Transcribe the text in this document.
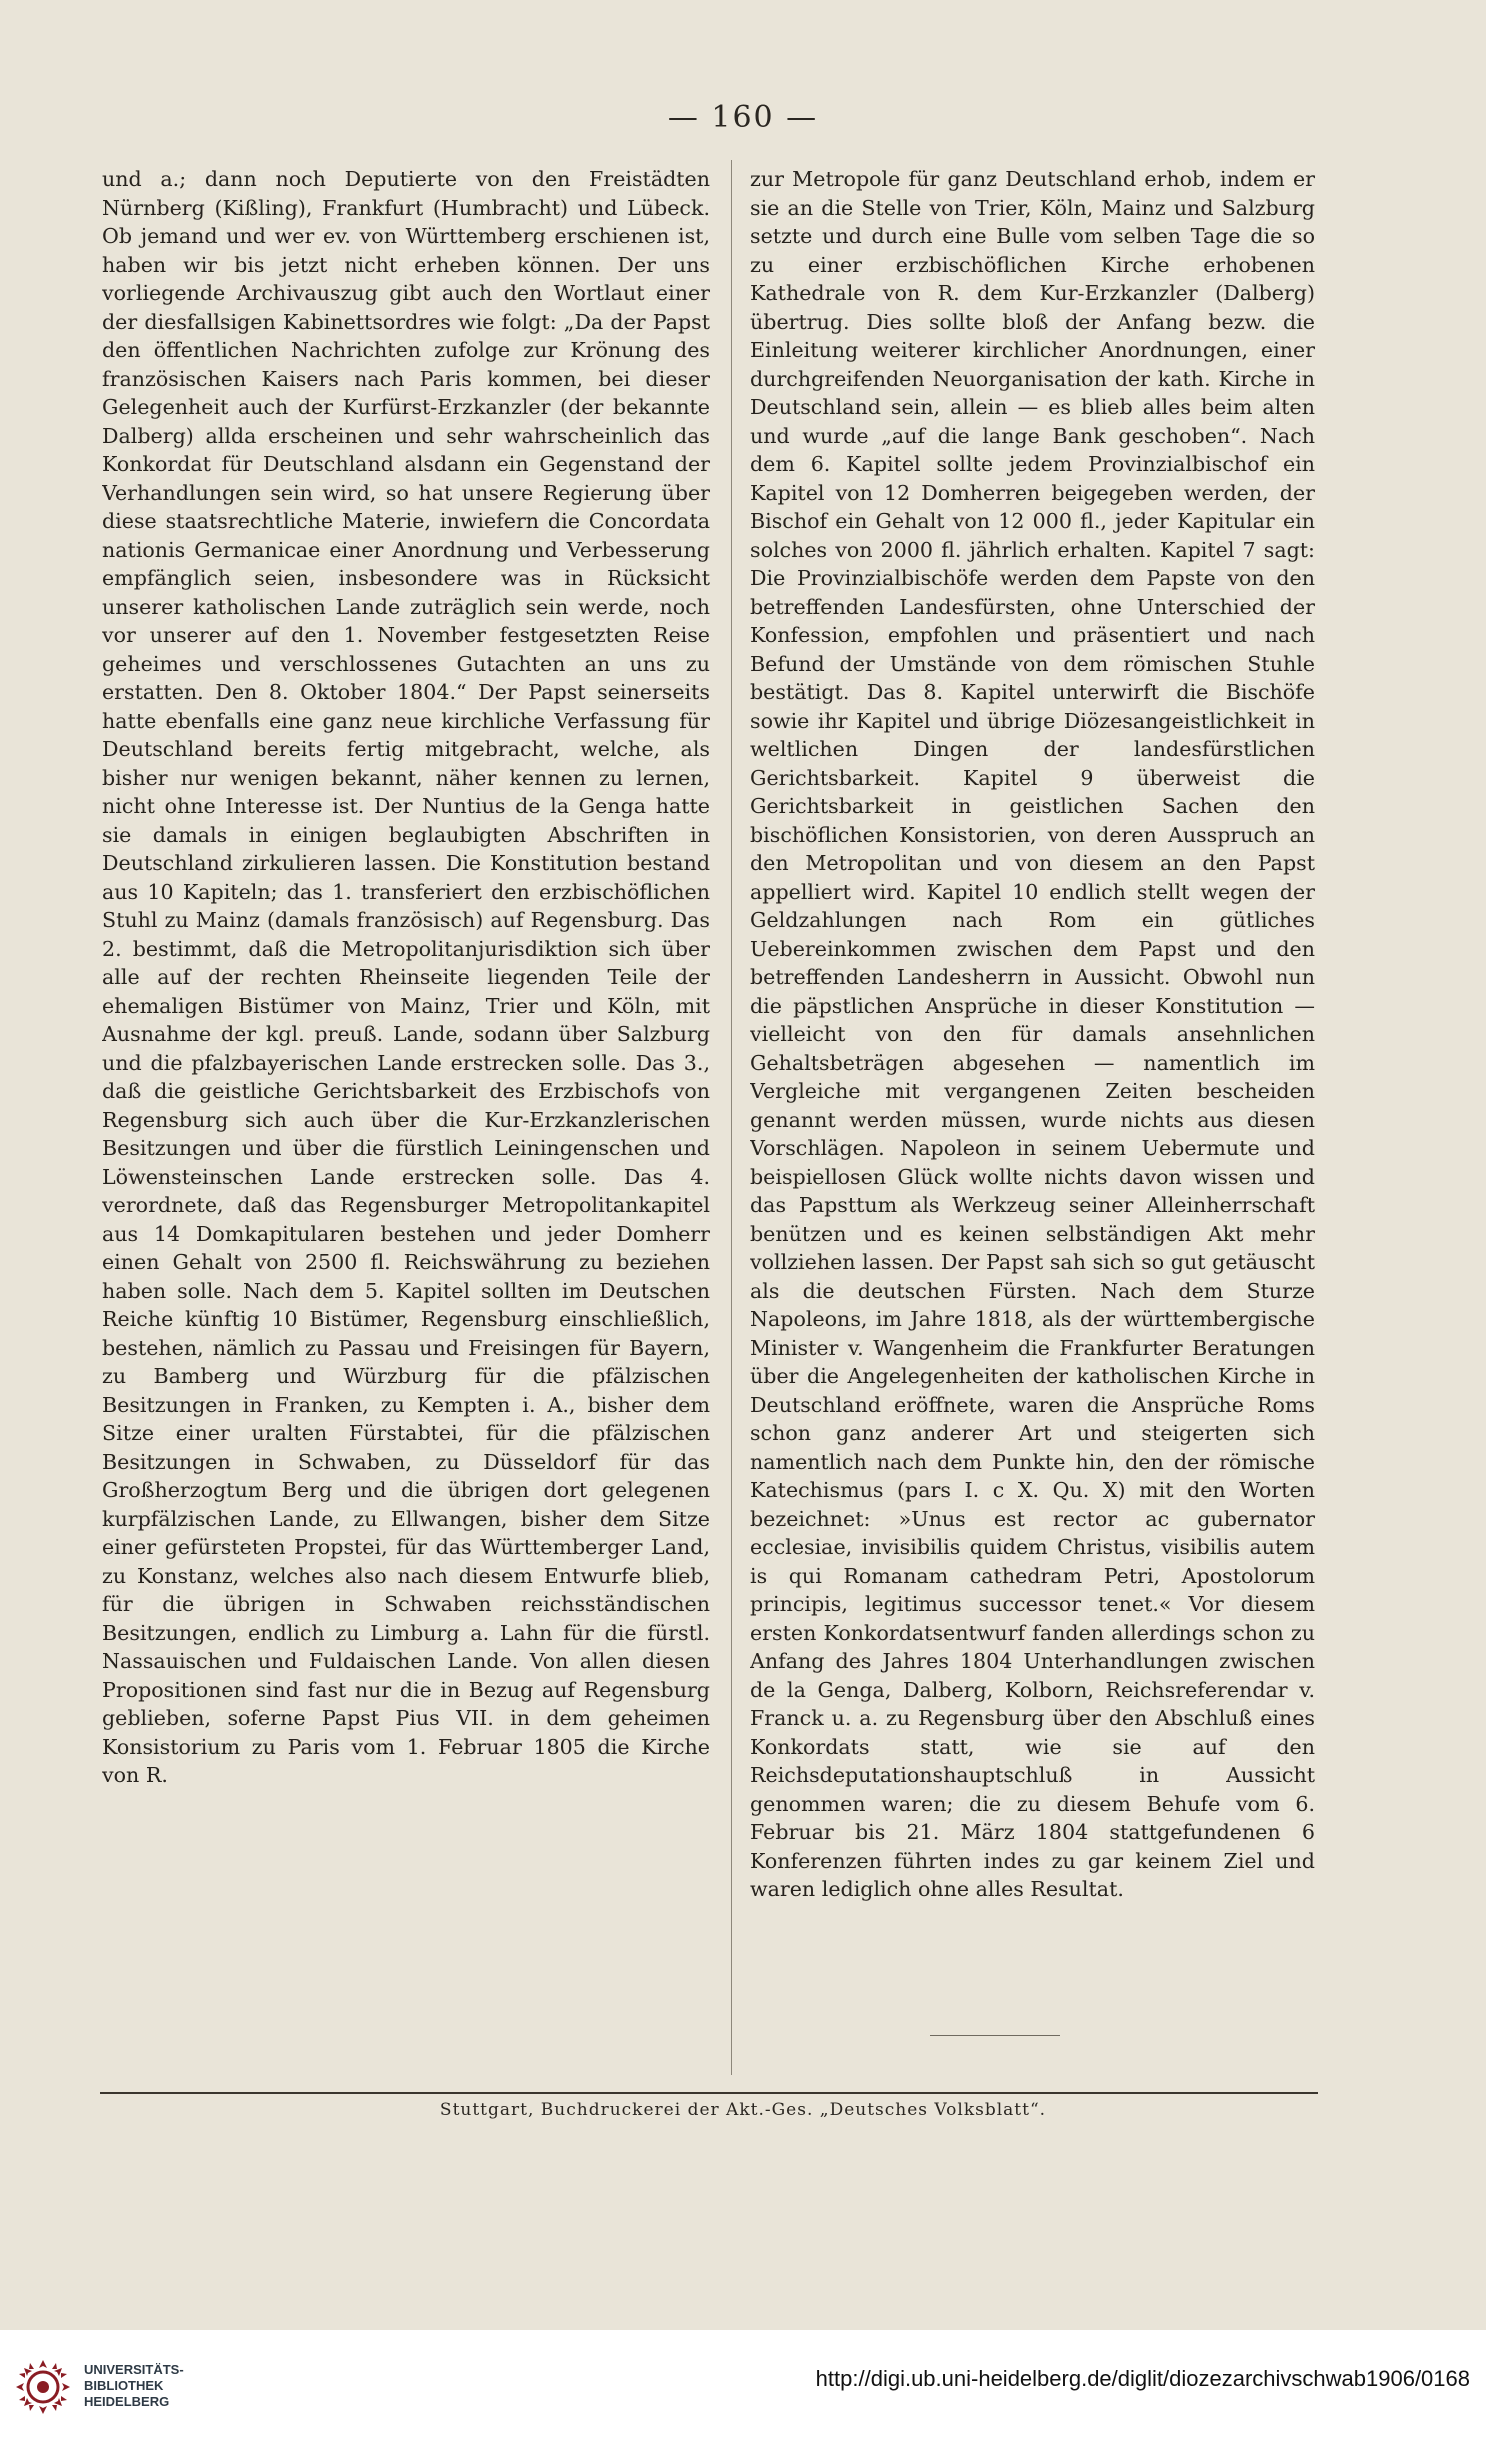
— 160 —

und a.; dann noch Deputierte von den Freistädten Nürnberg (Kißling), Frankfurt (Humbracht) und Lübeck. Ob jemand und wer ev. von Württemberg erschienen ist, haben wir bis jetzt nicht erheben können. Der uns vorliegende Archivauszug gibt auch den Wortlaut einer der diesfallsigen Kabinettsordres wie folgt: „Da der Papst den öffentlichen Nachrichten zufolge zur Krönung des französischen Kaisers nach Paris kommen, bei dieser Gelegenheit auch der Kurfürst-Erzkanzler (der bekannte Dalberg) allda erscheinen und sehr wahrscheinlich das Konkordat für Deutschland alsdann ein Gegenstand der Verhandlungen sein wird, so hat unsere Regierung über diese staatsrechtliche Materie, inwiefern die Concordata nationis Germanicae einer Anordnung und Verbesserung empfänglich seien, insbesondere was in Rücksicht unserer katholischen Lande zuträglich sein werde, noch vor unserer auf den 1. November festgesetzten Reise geheimes und verschlossenes Gutachten an uns zu erstatten. Den 8. Oktober 1804.“ Der Papst seinerseits hatte ebenfalls eine ganz neue kirchliche Verfassung für Deutschland bereits fertig mitgebracht, welche, als bisher nur wenigen bekannt, näher kennen zu lernen, nicht ohne Interesse ist. Der Nuntius de la Genga hatte sie damals in einigen beglaubigten Abschriften in Deutschland zirkulieren lassen. Die Konstitution bestand aus 10 Kapiteln; das 1. transferiert den erzbischöflichen Stuhl zu Mainz (damals französisch) auf Regensburg. Das 2. bestimmt, daß die Metropolitanjurisdiktion sich über alle auf der rechten Rheinseite liegenden Teile der ehemaligen Bistümer von Mainz, Trier und Köln, mit Ausnahme der kgl. preuß. Lande, sodann über Salzburg und die pfalzbayerischen Lande erstrecken solle. Das 3., daß die geistliche Gerichtsbarkeit des Erzbischofs von Regensburg sich auch über die Kur-Erzkanzlerischen Besitzungen und über die fürstlich Leiningenschen und Löwensteinschen Lande erstrecken solle. Das 4. verordnete, daß das Regensburger Metropolitankapitel aus 14 Domkapitularen bestehen und jeder Domherr einen Gehalt von 2500 fl. Reichswährung zu beziehen haben solle. Nach dem 5. Kapitel sollten im Deutschen Reiche künftig 10 Bistümer, Regensburg einschließlich, bestehen, nämlich zu Passau und Freisingen für Bayern, zu Bamberg und Würzburg für die pfälzischen Besitzungen in Franken, zu Kempten i. A., bisher dem Sitze einer uralten Fürstabtei, für die pfälzischen Besitzungen in Schwaben, zu Düsseldorf für das Großherzogtum Berg und die übrigen dort gelegenen kurpfälzischen Lande, zu Ellwangen, bisher dem Sitze einer gefürsteten Propstei, für das Württemberger Land, zu Konstanz, welches also nach diesem Entwurfe blieb, für die übrigen in Schwaben reichsständischen Besitzungen, endlich zu Limburg a. Lahn für die fürstl. Nassauischen und Fuldaischen Lande. Von allen diesen Propositionen sind fast nur die in Bezug auf Regensburg geblieben, soferne Papst Pius VII. in dem geheimen Konsistorium zu Paris vom 1. Februar 1805 die Kirche von R.

zur Metropole für ganz Deutschland erhob, indem er sie an die Stelle von Trier, Köln, Mainz und Salzburg setzte und durch eine Bulle vom selben Tage die so zu einer erzbischöflichen Kirche erhobenen Kathedrale von R. dem Kur-Erzkanzler (Dalberg) übertrug. Dies sollte bloß der Anfang bezw. die Einleitung weiterer kirchlicher Anordnungen, einer durchgreifenden Neuorganisation der kath. Kirche in Deutschland sein, allein — es blieb alles beim alten und wurde „auf die lange Bank geschoben“. Nach dem 6. Kapitel sollte jedem Provinzialbischof ein Kapitel von 12 Domherren beigegeben werden, der Bischof ein Gehalt von 12 000 fl., jeder Kapitular ein solches von 2000 fl. jährlich erhalten. Kapitel 7 sagt: Die Provinzialbischöfe werden dem Papste von den betreffenden Landesfürsten, ohne Unterschied der Konfession, empfohlen und präsentiert und nach Befund der Umstände von dem römischen Stuhle bestätigt. Das 8. Kapitel unterwirft die Bischöfe sowie ihr Kapitel und übrige Diözesangeistlichkeit in weltlichen Dingen der landesfürstlichen Gerichtsbarkeit. Kapitel 9 überweist die Gerichtsbarkeit in geistlichen Sachen den bischöflichen Konsistorien, von deren Ausspruch an den Metropolitan und von diesem an den Papst appelliert wird. Kapitel 10 endlich stellt wegen der Geldzahlungen nach Rom ein gütliches Uebereinkommen zwischen dem Papst und den betreffenden Landesherrn in Aussicht. Obwohl nun die päpstlichen Ansprüche in dieser Konstitution — vielleicht von den für damals ansehnlichen Gehaltsbeträgen abgesehen — namentlich im Vergleiche mit vergangenen Zeiten bescheiden genannt werden müssen, wurde nichts aus diesen Vorschlägen. Napoleon in seinem Uebermute und beispiellosen Glück wollte nichts davon wissen und das Papsttum als Werkzeug seiner Alleinherrschaft benützen und es keinen selbständigen Akt mehr vollziehen lassen. Der Papst sah sich so gut getäuscht als die deutschen Fürsten. Nach dem Sturze Napoleons, im Jahre 1818, als der württembergische Minister v. Wangenheim die Frankfurter Beratungen über die Angelegenheiten der katholischen Kirche in Deutschland eröffnete, waren die Ansprüche Roms schon ganz anderer Art und steigerten sich namentlich nach dem Punkte hin, den der römische Katechismus (pars I. c X. Qu. X) mit den Worten bezeichnet: »Unus est rector ac gubernator ecclesiae, invisibilis quidem Christus, visibilis autem is qui Romanam cathedram Petri, Apostolorum principis, legitimus successor tenet.« Vor diesem ersten Konkordatsentwurf fanden allerdings schon zu Anfang des Jahres 1804 Unterhandlungen zwischen de la Genga, Dalberg, Kolborn, Reichsreferendar v. Franck u. a. zu Regensburg über den Abschluß eines Konkordats statt, wie sie auf den Reichsdeputationshauptschluß in Aussicht genommen waren; die zu diesem Behufe vom 6. Februar bis 21. März 1804 stattgefundenen 6 Konferenzen führten indes zu gar keinem Ziel und waren lediglich ohne alles Resultat.

Stuttgart, Buchdruckerei der Akt.-Ges. „Deutsches Volksblatt“.
UNIVERSITÄTS-
BIBLIOTHEK
HEIDELBERG
http://digi.ub.uni-heidelberg.de/diglit/diozezarchivschwab1906/0168
